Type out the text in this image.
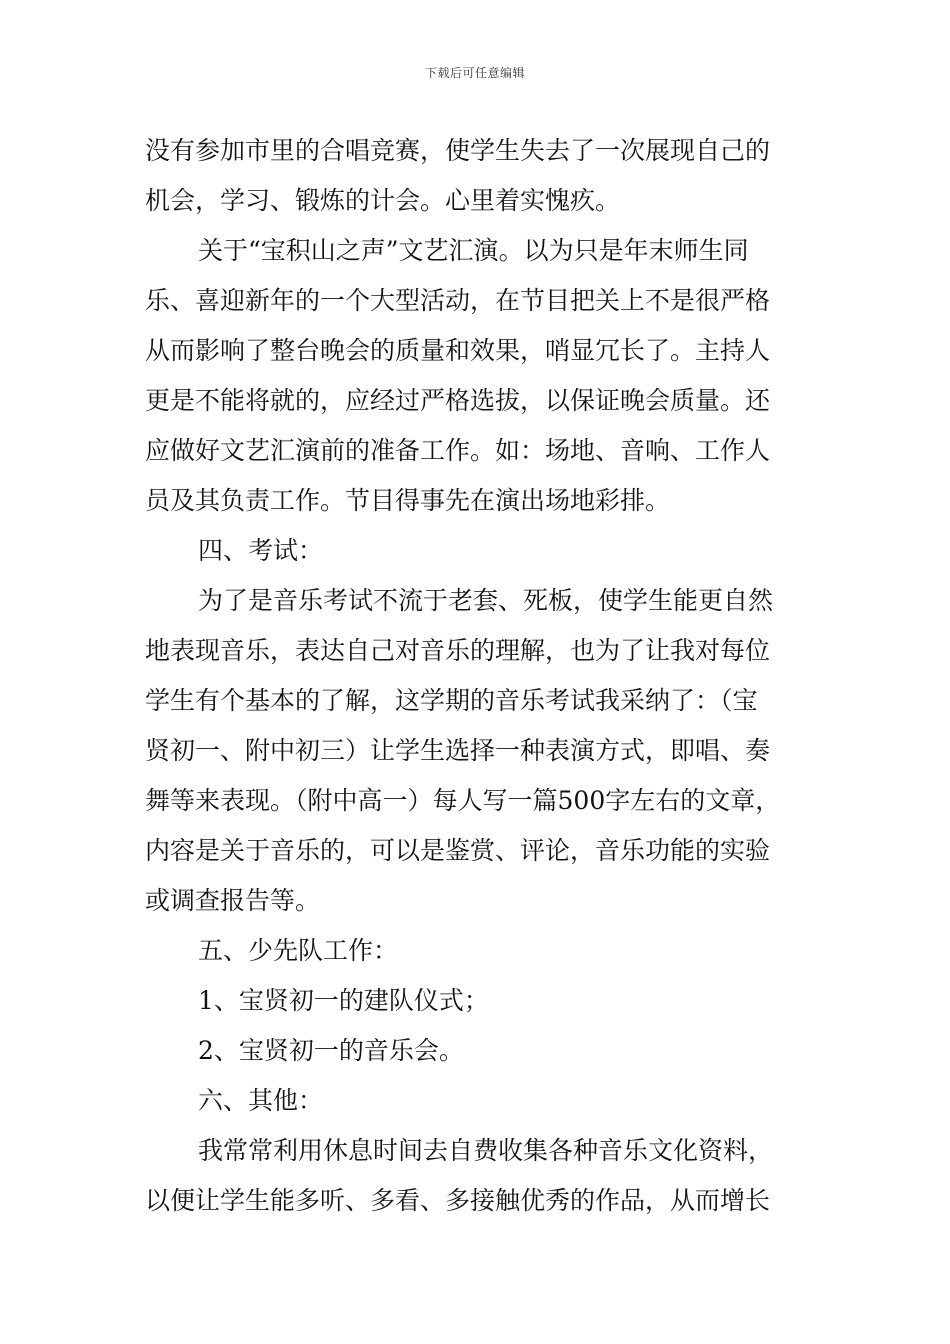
下载后可任意编辑
没有参加市里的合唱竞赛，使学生失去了一次展现自己的
机会，学习、锻炼的计会。心里着实愧疚。
关于“宝积山之声”文艺汇演。以为只是年末师生同
乐、喜迎新年的一个大型活动，在节目把关上不是很严格
从而影响了整台晚会的质量和效果，哨显冗长了。主持人
更是不能将就的，应经过严格选拔，以保证晚会质量。还
应做好文艺汇演前的准备工作。如：场地、音响、工作人
员及其负责工作。节目得事先在演出场地彩排。
四、考试：
为了是音乐考试不流于老套、死板，使学生能更自然
地表现音乐，表达自己对音乐的理解，也为了让我对每位
学生有个基本的了解，这学期的音乐考试我采纳了：（宝
贤初一、附中初三）让学生选择一种表演方式，即唱、奏
舞等来表现。（附中高一）每人写一篇500字左右的文章，
内容是关于音乐的，可以是鉴赏、评论，音乐功能的实验
或调查报告等。
五、少先队工作：
1、宝贤初一的建队仪式；
2、宝贤初一的音乐会。
六、其他：
我常常利用休息时间去自费收集各种音乐文化资料，
以便让学生能多听、多看、多接触优秀的作品，从而增长
